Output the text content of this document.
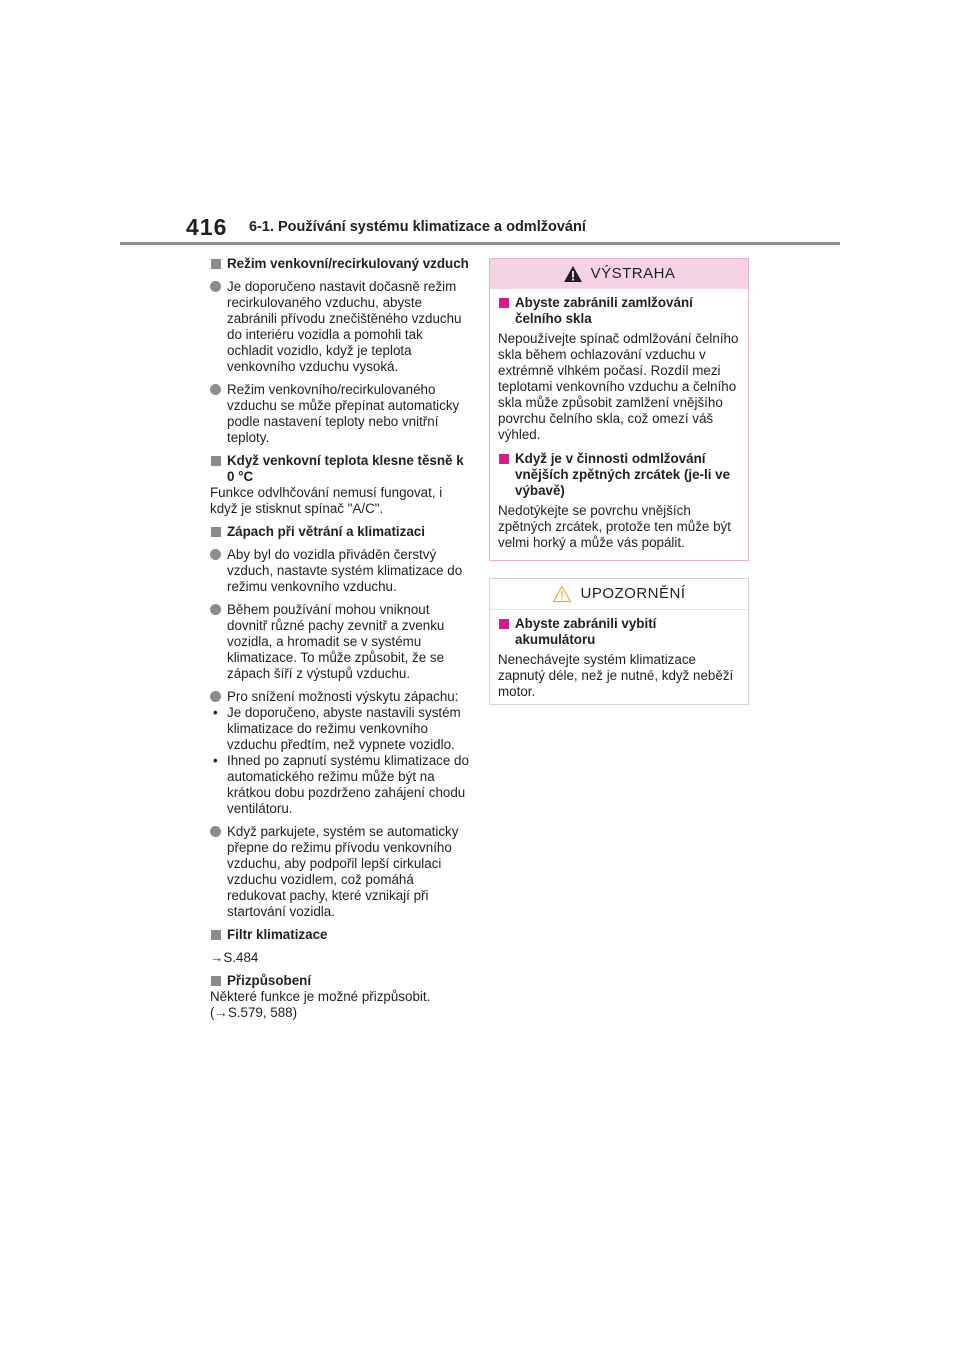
416 6-1. Používání systému klimatizace a odmlžování
Režim venkovní/recirkulovaný vzduch
Je doporučeno nastavit dočasně režim recirkulovaného vzduchu, abyste zabránili přívodu znečištěného vzduchu do interiéru vozidla a pomohli tak ochladit vozidlo, když je teplota venkovního vzduchu vysoká.
Režim venkovního/recirkulovaného vzduchu se může přepínat automaticky podle nastavení teploty nebo vnitřní teploty.
Když venkovní teplota klesne těsně k 0 °C
Funkce odvlhčování nemusí fungovat, i když je stisknut spínač "A/C".
Zápach při větrání a klimatizaci
Aby byl do vozidla přiváděn čerstvý vzduch, nastavte systém klimatizace do režimu venkovního vzduchu.
Během používání mohou vniknout dovnitř různé pachy zevnitř a zvenku vozidla, a hromadit se v systému klimatizace. To může způsobit, že se zápach šíří z výstupů vzduchu.
Pro snížení možnosti výskytu zápachu:
• Je doporučeno, abyste nastavili systém klimatizace do režimu venkovního vzduchu předtím, než vypnete vozidlo.
• Ihned po zapnutí systému klimatizace do automatického režimu může být na krátkou dobu pozdrženo zahájení chodu ventilátoru.
Když parkujete, systém se automaticky přepne do režimu přívodu venkovního vzduchu, aby podpořil lepší cirkulaci vzduchu vozidlem, což pomáhá redukovat pachy, které vznikají při startování vozidla.
Filtr klimatizace
→S.484
Přizpůsobení
Některé funkce je možné přizpůsobit. (→S.579, 588)
VÝSTRAHA
Abyste zabránili zamlžování čelního skla
Nepoužívejte spínač odmlžování čelního skla během ochlazování vzduchu v extrémně vlhkém počasí. Rozdíl mezi teplotami venkovního vzduchu a čelního skla může způsobit zamlžení vnějšího povrchu čelního skla, což omezí váš výhled.
Když je v činnosti odmlžování vnějších zpětných zrcátek (je-li ve výbavě)
Nedotýkejte se povrchu vnějších zpětných zrcátek, protože ten může být velmi horký a může vás popálit.
UPOZORNĚNÍ
Abyste zabránili vybití akumulátoru
Nenechávejte systém klimatizace zapnutý déle, než je nutné, když neběží motor.
